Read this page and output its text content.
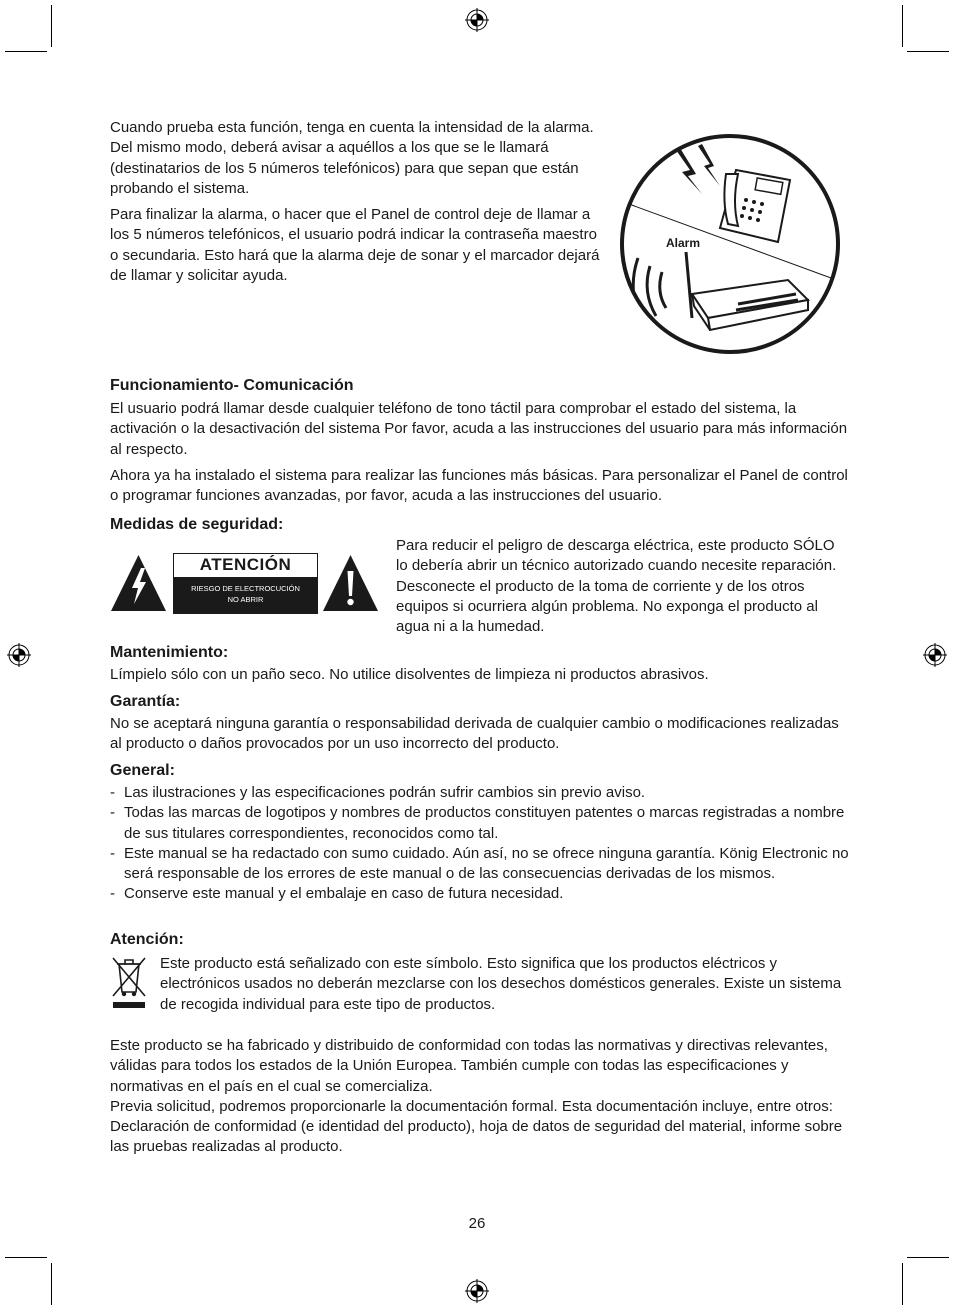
Cuando prueba esta función, tenga en cuenta la intensidad de la alarma. Del mismo modo, deberá avisar a aquéllos a los que se le llamará (destinatarios de los 5 números telefónicos) para que sepan que están probando el sistema.

Para finalizar la alarma, o hacer que el Panel de control deje de llamar a los 5 números telefónicos, el usuario podrá indicar la contraseña maestro o secundaria. Esto hará que la alarma deje de sonar y el marcador dejará de llamar y solicitar ayuda.

Alarm

Funcionamiento- Comunicación

El usuario podrá llamar desde cualquier teléfono de tono táctil para comprobar el estado del sistema, la activación o la desactivación del sistema Por favor, acuda a las instrucciones del usuario para más información al respecto.

Ahora ya ha instalado el sistema para realizar las funciones más básicas. Para personalizar el Panel de control o programar funciones avanzadas, por favor, acuda a las instrucciones del usuario.

Medidas de seguridad:

ATENCIÓN
RIESGO DE ELECTROCUCIÓN
NO ABRIR

Para reducir el peligro de descarga eléctrica, este producto SÓLO lo debería abrir un técnico autorizado cuando necesite reparación. Desconecte el producto de la toma de corriente y de los otros equipos si ocurriera algún problema. No exponga el producto al agua ni a la humedad.

Mantenimiento:

Límpielo sólo con un paño seco. No utilice disolventes de limpieza ni productos abrasivos.

Garantía:

No se aceptará ninguna garantía o responsabilidad derivada de cualquier cambio o modificaciones realizadas al producto o daños provocados por un uso incorrecto del producto.

General:

- Las ilustraciones y las especificaciones podrán sufrir cambios sin previo aviso.
- Todas las marcas de logotipos y nombres de productos constituyen patentes o marcas registradas a nombre de sus titulares correspondientes, reconocidos como tal.
- Este manual se ha redactado con sumo cuidado. Aún así, no se ofrece ninguna garantía. König Electronic no será responsable de los errores de este manual o de las consecuencias derivadas de los mismos.
- Conserve este manual y el embalaje en caso de futura necesidad.

Atención:

Este producto está señalizado con este símbolo. Esto significa que los productos eléctricos y electrónicos usados no deberán mezclarse con los desechos domésticos generales. Existe un sistema de recogida individual para este tipo de productos.

Este producto se ha fabricado y distribuido de conformidad con todas las normativas y directivas relevantes, válidas para todos los estados de la Unión Europea. También cumple con todas las especificaciones y normativas en el país en el cual se comercializa.

Previa solicitud, podremos proporcionarle la documentación formal. Esta documentación incluye, entre otros: Declaración de conformidad (e identidad del producto), hoja de datos de seguridad del material, informe sobre las pruebas realizadas al producto.

26
